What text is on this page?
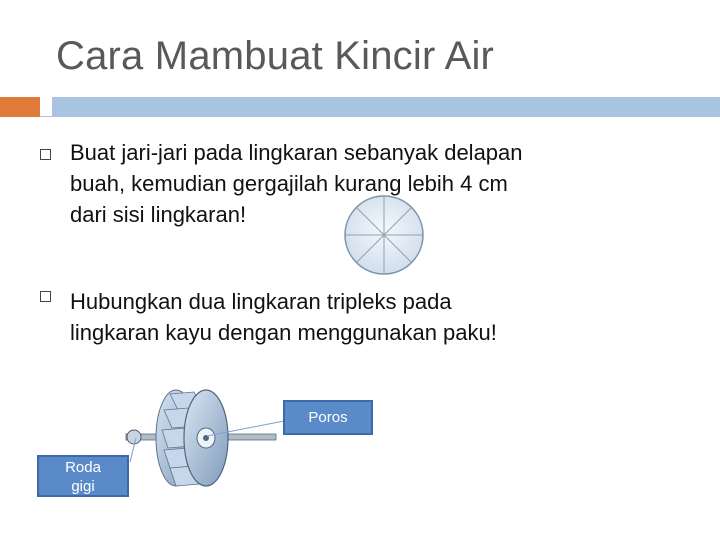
Cara Mambuat Kincir Air
Buat jari-jari pada lingkaran sebanyak delapan
buah, kemudian gergajilah kurang lebih 4 cm
dari sisi lingkaran!
Hubungkan dua lingkaran tripleks pada
lingkaran kayu dengan menggunakan paku!
Poros
Roda
gigi
